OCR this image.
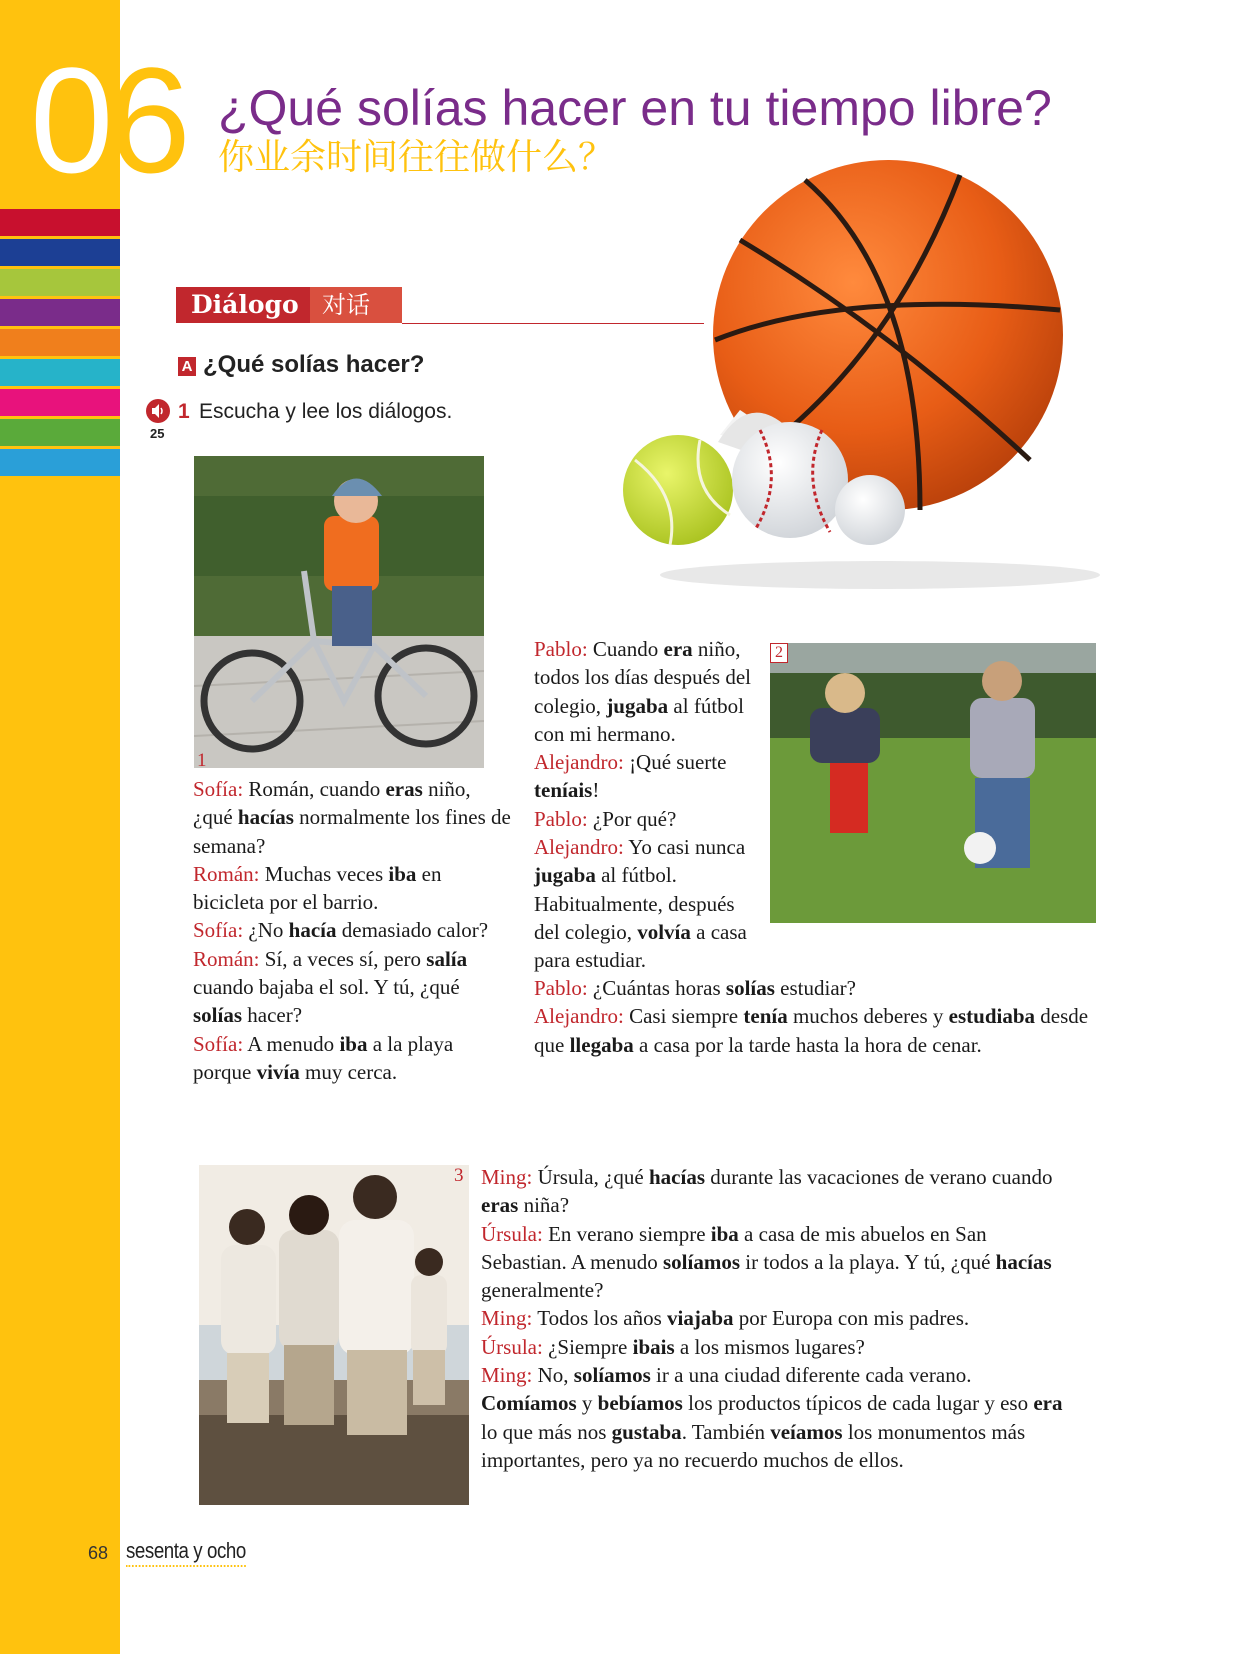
06 ¿Qué solías hacer en tu tiempo libre?
你业余时间往往做什么？
Diálogo 对话
A ¿Qué solías hacer?
25
1 Escucha y lee los diálogos.
1
2
3

Sofía: Román, cuando eras niño, ¿qué hacías normalmente los fines de semana?

Román: Muchas veces iba en bicicleta por el barrio.

Sofía: ¿No hacía demasiado calor?

Román: Sí, a veces sí, pero salía cuando bajaba el sol. Y tú, ¿qué solías hacer?

Sofía: A menudo iba a la playa porque vivía muy cerca.

Pablo: Cuando era niño, todos los días después del colegio, jugaba al fútbol con mi hermano.

Alejandro: ¡Qué suerte teníais!

Pablo: ¿Por qué?

Alejandro: Yo casi nunca jugaba al fútbol. Habitualmente, después del colegio, volvía a casa para estudiar.

Pablo: ¿Cuántas horas solías estudiar?

Alejandro: Casi siempre tenía muchos deberes y estudiaba desde que llegaba a casa por la tarde hasta la hora de cenar.

Ming: Úrsula, ¿qué hacías durante las vacaciones de verano cuando eras niña?

Úrsula: En verano siempre iba a casa de mis abuelos en San Sebastian. A menudo solíamos ir todos a la playa. Y tú, ¿qué hacías generalmente?

Ming: Todos los años viajaba por Europa con mis padres.

Úrsula: ¿Siempre ibais a los mismos lugares?

Ming: No, solíamos ir a una ciudad diferente cada verano. Comíamos y bebíamos los productos típicos de cada lugar y eso era lo que más nos gustaba. También veíamos los monumentos más importantes, pero ya no recuerdo muchos de ellos.

68 sesenta y ocho
